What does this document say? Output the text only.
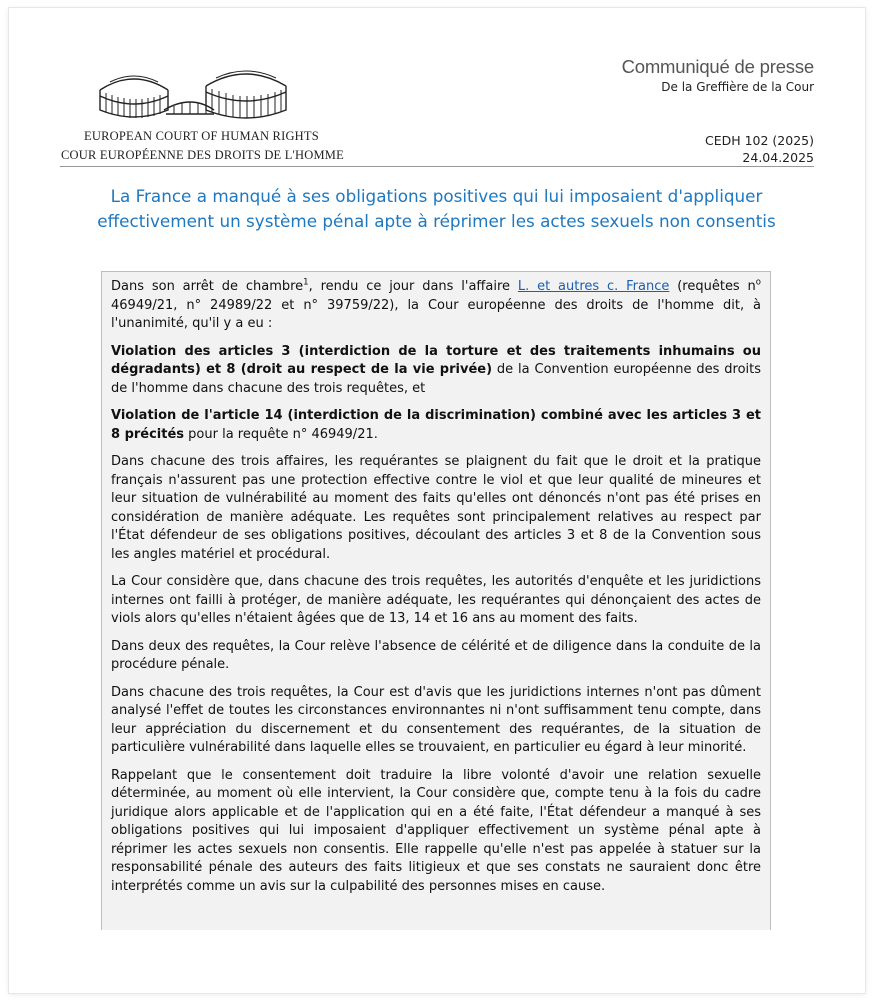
EUROPEAN COURT OF HUMAN RIGHTS
COUR EUROPÉENNE DES DROITS DE L'HOMME
Communiqué de presse
De la Greffière de la Cour
CEDH 102 (2025)
24.04.2025
La France a manqué à ses obligations positives qui lui imposaient d'appliquer effectivement un système pénal apte à réprimer les actes sexuels non consentis

Dans son arrêt de chambre$^1$, rendu ce jour dans l'affaire L. et autres c. France (requêtes $n^o$ 46949/21, n° 24989/22 et n° 39759/22), la Cour européenne des droits de l'homme dit, à l'unanimité, qu'il y a eu :

Violation des articles 3 (interdiction de la torture et des traitements inhumains ou dégradants) et 8 (droit au respect de la vie privée) de la Convention européenne des droits de l'homme dans chacune des trois requêtes, et

Violation de l'article 14 (interdiction de la discrimination) combiné avec les articles 3 et 8 précités pour la requête n° 46949/21.

Dans chacune des trois affaires, les requérantes se plaignent du fait que le droit et la pratique français n'assurent pas une protection effective contre le viol et que leur qualité de mineures et leur situation de vulnérabilité au moment des faits qu'elles ont dénoncés n'ont pas été prises en considération de manière adéquate. Les requêtes sont principalement relatives au respect par l'État défendeur de ses obligations positives, découlant des articles 3 et 8 de la Convention sous les angles matériel et procédural.

La Cour considère que, dans chacune des trois requêtes, les autorités d'enquête et les juridictions internes ont failli à protéger, de manière adéquate, les requérantes qui dénonçaient des actes de viols alors qu'elles n'étaient âgées que de 13, 14 et 16 ans au moment des faits.

Dans deux des requêtes, la Cour relève l'absence de célérité et de diligence dans la conduite de la procédure pénale.

Dans chacune des trois requêtes, la Cour est d'avis que les juridictions internes n'ont pas dûment analysé l'effet de toutes les circonstances environnantes ni n'ont suffisamment tenu compte, dans leur appréciation du discernement et du consentement des requérantes, de la situation de particulière vulnérabilité dans laquelle elles se trouvaient, en particulier eu égard à leur minorité.

Rappelant que le consentement doit traduire la libre volonté d'avoir une relation sexuelle déterminée, au moment où elle intervient, la Cour considère que, compte tenu à la fois du cadre juridique alors applicable et de l'application qui en a été faite, l'État défendeur a manqué à ses obligations positives qui lui imposaient d'appliquer effectivement un système pénal apte à réprimer les actes sexuels non consentis. Elle rappelle qu'elle n'est pas appelée à statuer sur la responsabilité pénale des auteurs des faits litigieux et que ses constats ne sauraient donc être interprétés comme un avis sur la culpabilité des personnes mises en cause.
